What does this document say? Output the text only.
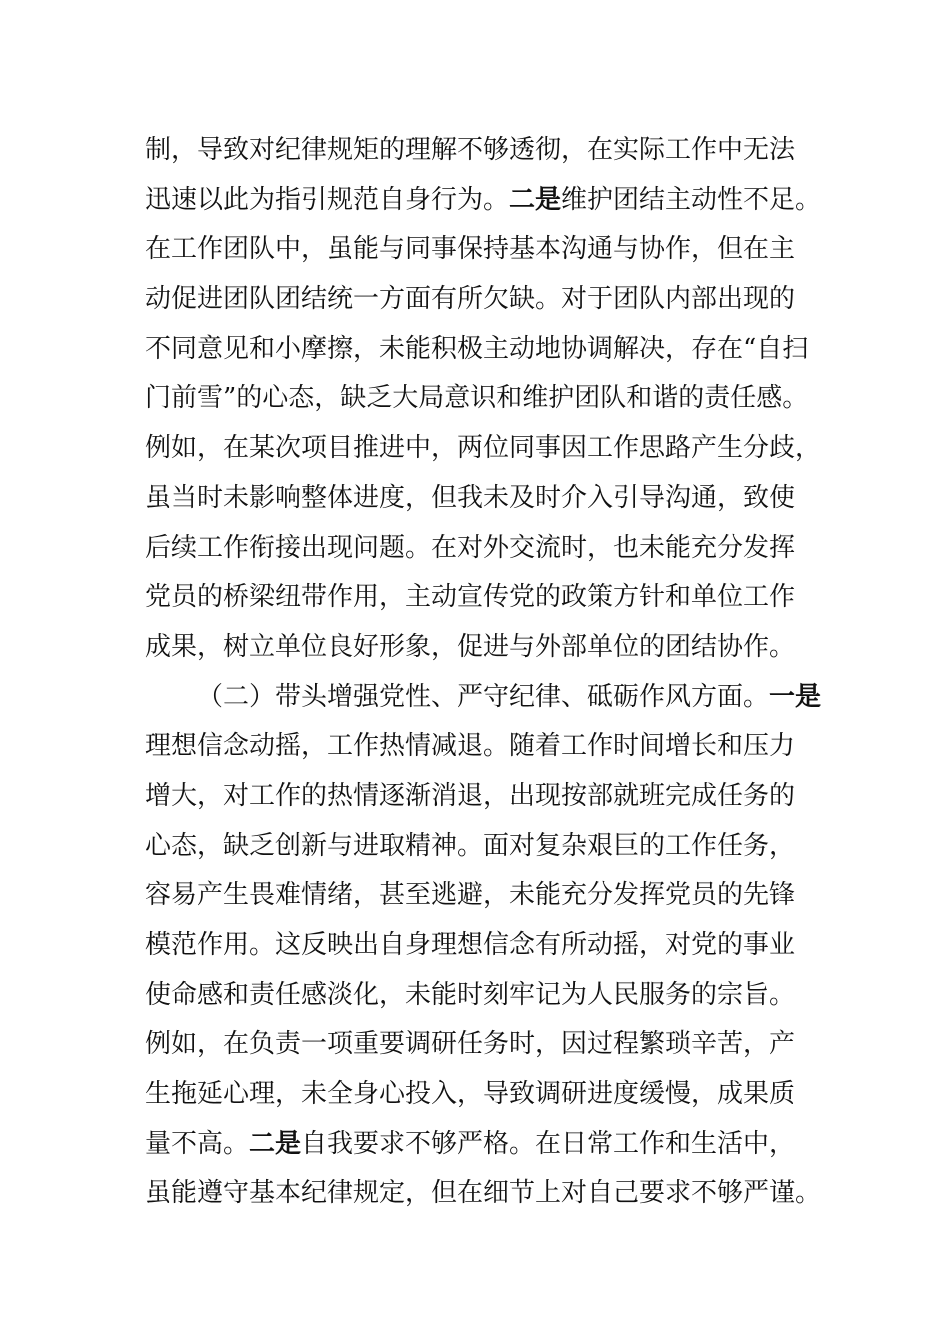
制，导致对纪律规矩的理解不够透彻，在实际工作中无法
迅速以此为指引规范自身行为。二是维护团结主动性不足。
在工作团队中，虽能与同事保持基本沟通与协作，但在主
动促进团队团结统一方面有所欠缺。对于团队内部出现的
不同意见和小摩擦，未能积极主动地协调解决，存在“自扫
门前雪”的心态，缺乏大局意识和维护团队和谐的责任感。
例如，在某次项目推进中，两位同事因工作思路产生分歧，
虽当时未影响整体进度，但我未及时介入引导沟通，致使
后续工作衔接出现问题。在对外交流时，也未能充分发挥
党员的桥梁纽带作用，主动宣传党的政策方针和单位工作
成果，树立单位良好形象，促进与外部单位的团结协作。
（二）带头增强党性、严守纪律、砥砺作风方面。一是
理想信念动摇，工作热情减退。随着工作时间增长和压力
增大，对工作的热情逐渐消退，出现按部就班完成任务的
心态，缺乏创新与进取精神。面对复杂艰巨的工作任务，
容易产生畏难情绪，甚至逃避，未能充分发挥党员的先锋
模范作用。这反映出自身理想信念有所动摇，对党的事业
使命感和责任感淡化，未能时刻牢记为人民服务的宗旨。
例如，在负责一项重要调研任务时，因过程繁琐辛苦，产
生拖延心理，未全身心投入，导致调研进度缓慢，成果质
量不高。二是自我要求不够严格。在日常工作和生活中，
虽能遵守基本纪律规定，但在细节上对自己要求不够严谨。
